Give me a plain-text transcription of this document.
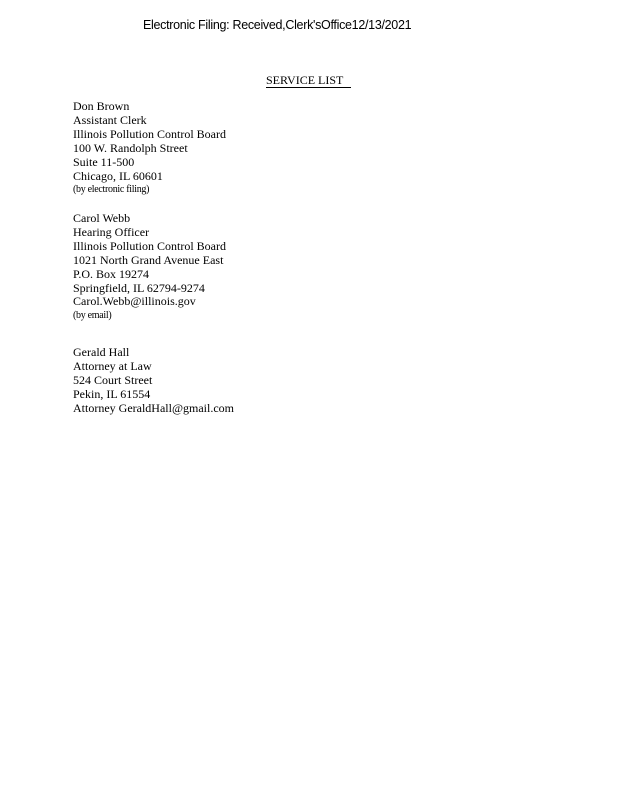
Electronic Filing: Received,Clerk'sOffice12/13/2021
SERVICE LIST
Don Brown
Assistant Clerk
Illinois Pollution Control Board
100 W. Randolph Street
Suite 11-500
Chicago, IL 60601
(by electronic filing)
Carol Webb
Hearing Officer
Illinois Pollution Control Board
1021 North Grand Avenue East
P.O. Box 19274
Springfield, IL 62794-9274
Carol.Webb@illinois.gov
(by email)
Gerald Hall
Attorney at Law
524 Court Street
Pekin, IL 61554
Attorney GeraldHall@gmail.com
